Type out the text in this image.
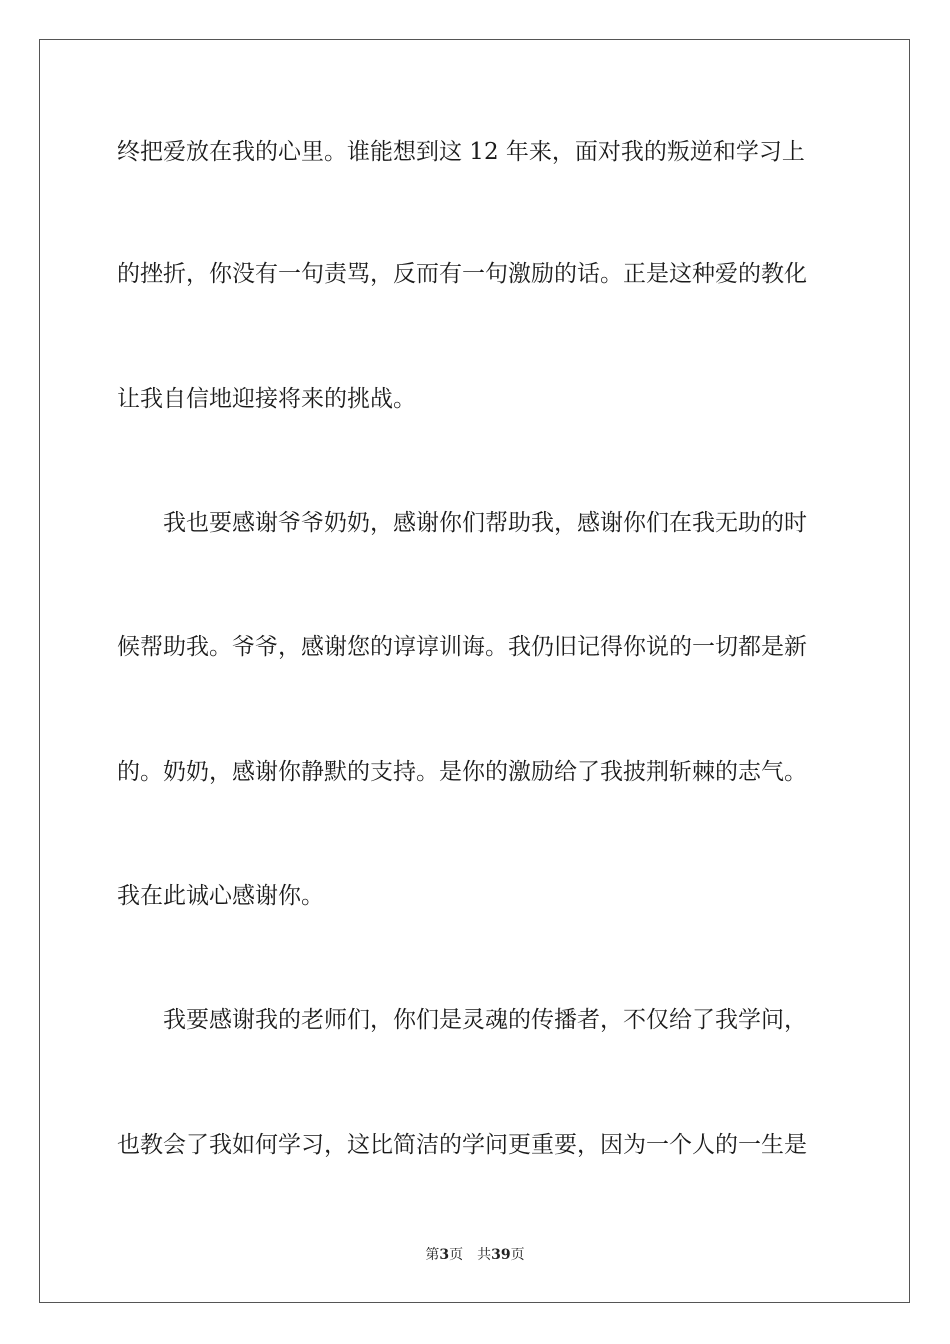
终把爱放在我的心里。谁能想到这 12 年来，面对我的叛逆和学习上
的挫折，你没有一句责骂，反而有一句激励的话。正是这种爱的教化
让我自信地迎接将来的挑战。
我也要感谢爷爷奶奶，感谢你们帮助我，感谢你们在我无助的时
候帮助我。爷爷，感谢您的谆谆训诲。我仍旧记得你说的一切都是新
的。奶奶，感谢你静默的支持。是你的激励给了我披荆斩棘的志气。
我在此诚心感谢你。
我要感谢我的老师们，你们是灵魂的传播者，不仅给了我学问，
也教会了我如何学习，这比简洁的学问更重要，因为一个人的一生是
第3页 共39页
